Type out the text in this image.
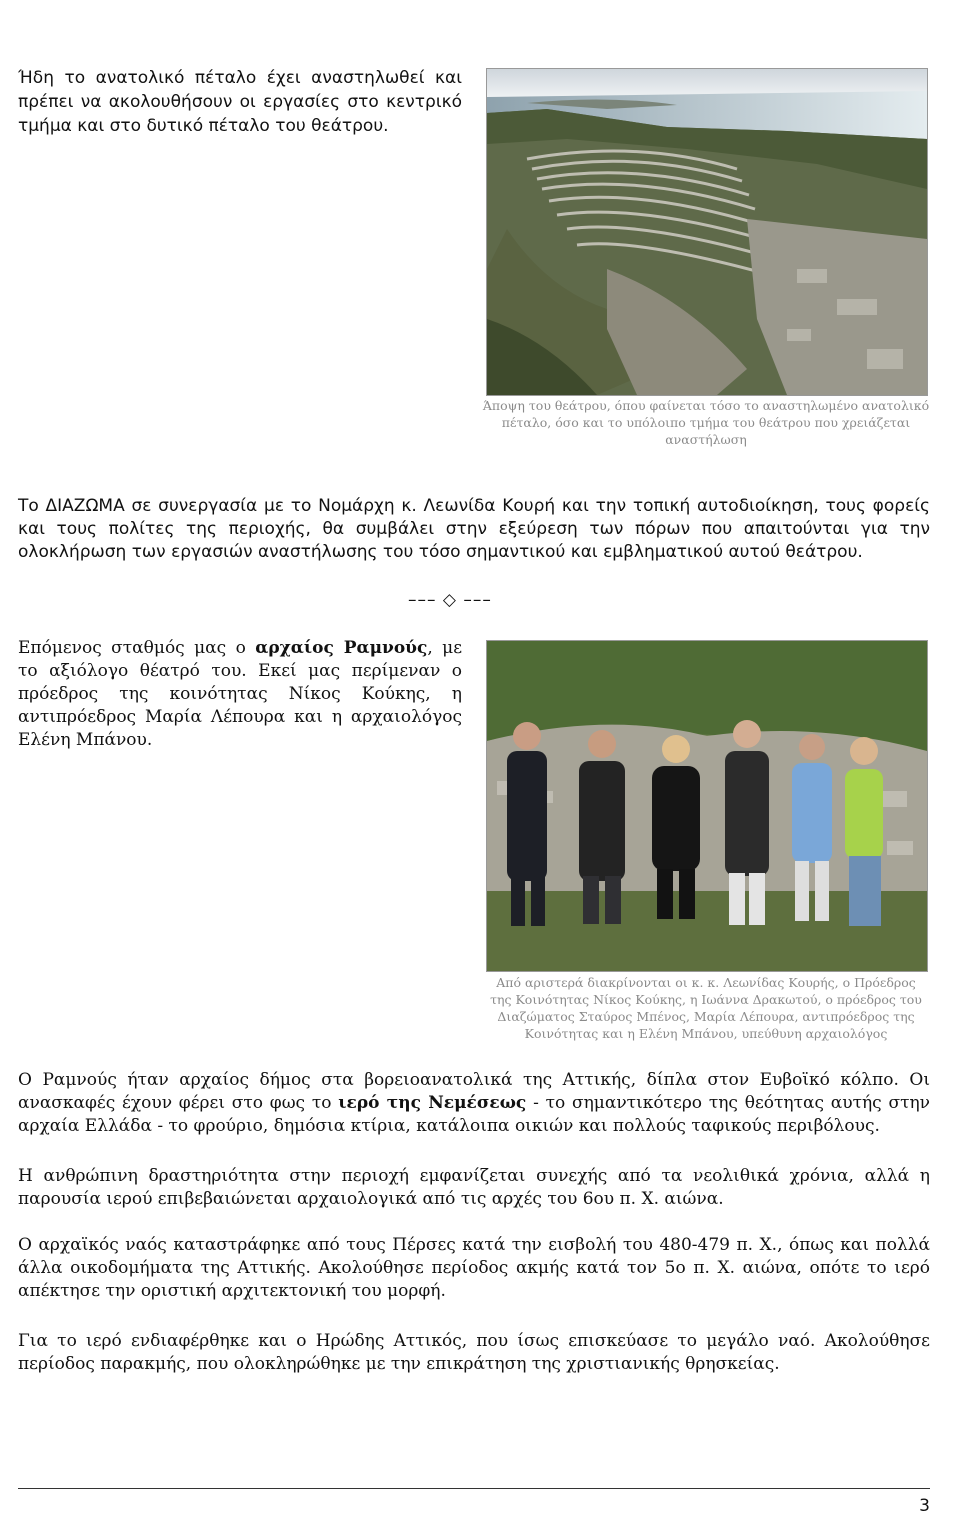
Ήδη το ανατολικό πέταλο έχει αναστηλωθεί και πρέπει να ακολουθήσουν οι εργασίες στο κεντρικό τμήμα και στο δυτικό πέταλο του θεάτρου.
Άποψη του θεάτρου, όπου φαίνεται τόσο το αναστηλωμένο ανατολικό πέταλο, όσο και το υπόλοιπο τμήμα του θεάτρου που χρειάζεται αναστήλωση
Το ΔΙΑΖΩΜΑ σε συνεργασία με το Νομάρχη κ. Λεωνίδα Κουρή και την τοπική αυτοδιοίκηση, τους φορείς και τους πολίτες της περιοχής, θα συμβάλει στην εξεύρεση των πόρων που απαιτούνται για την ολοκλήρωση των εργασιών αναστήλωσης του τόσο σημαντικού και εμβληματικού αυτού θεάτρου.
––– ◇ –––
Επόμενος σταθμός μας ο αρχαίος Ραμνούς, με το αξιόλογο θέατρό του. Εκεί μας περίμεναν ο πρόεδρος της κοινότητας Νίκος Κούκης, η αντιπρόεδρος Μαρία Λέπουρα και η αρχαιολόγος Ελένη Μπάνου.
Από αριστερά διακρίνονται οι κ. κ. Λεωνίδας Κουρής, ο Πρόεδρος της Κοινότητας Νίκος Κούκης, η Ιωάννα Δρακωτού, ο πρόεδρος του Διαζώματος Σταύρος Μπένος, Μαρία Λέπουρα, αντιπρόεδρος της Κοινότητας και η Ελένη Μπάνου, υπεύθυνη αρχαιολόγος
Ο Ραμνούς ήταν αρχαίος δήμος στα βορειοανατολικά της Αττικής, δίπλα στον Ευβοϊκό κόλπο. Οι ανασκαφές έχουν φέρει στο φως το ιερό της Νεμέσεως - το σημαντικότερο της θεότητας αυτής στην αρχαία Ελλάδα - το φρούριο, δημόσια κτίρια, κατάλοιπα οικιών και πολλούς ταφικούς περιβόλους.
Η ανθρώπινη δραστηριότητα στην περιοχή εμφανίζεται συνεχής από τα νεολιθικά χρόνια, αλλά η παρουσία ιερού επιβεβαιώνεται αρχαιολογικά από τις αρχές του 6ου π. Χ. αιώνα.
Ο αρχαϊκός ναός καταστράφηκε από τους Πέρσες κατά την εισβολή του 480-479 π. Χ., όπως και πολλά άλλα οικοδομήματα της Αττικής. Ακολούθησε περίοδος ακμής κατά τον 5ο π. Χ. αιώνα, οπότε το ιερό απέκτησε την οριστική αρχιτεκτονική του μορφή.
Για το ιερό ενδιαφέρθηκε και ο Ηρώδης Αττικός, που ίσως επισκεύασε το μεγάλο ναό. Ακολούθησε περίοδος παρακμής, που ολοκληρώθηκε με την επικράτηση της χριστιανικής θρησκείας.
3
